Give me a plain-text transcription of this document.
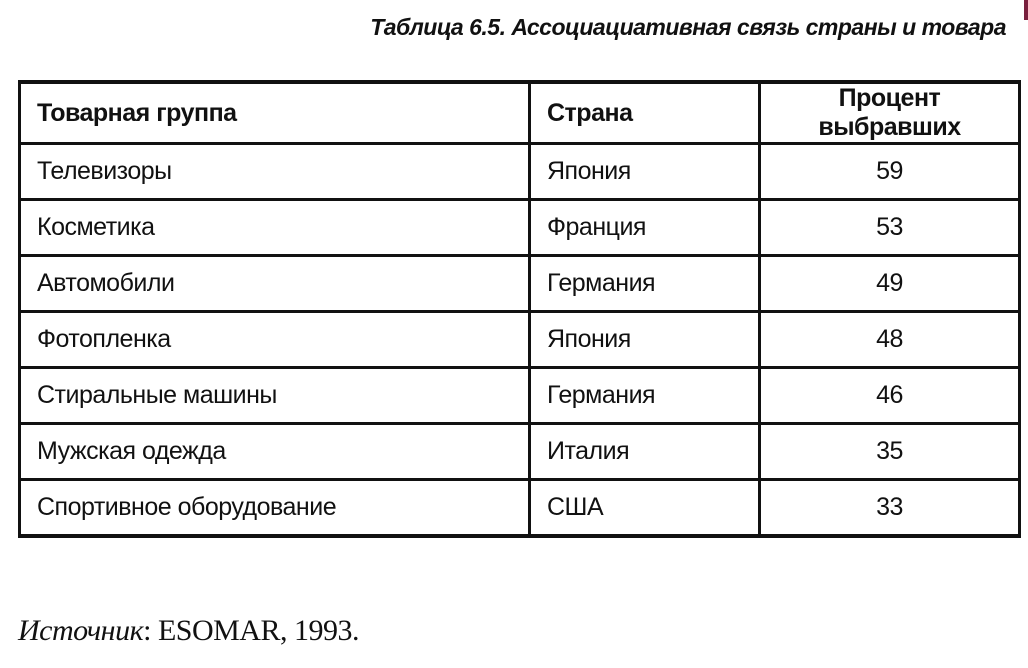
Таблица 6.5. Ассоциациативная связь страны и товара
Товарная группа	Страна	Процент выбравших
Телевизоры	Япония	59
Косметика	Франция	53
Автомобили	Германия	49
Фотопленка	Япония	48
Стиральные машины	Германия	46
Мужская одежда	Италия	35
Спортивное оборудование	США	33
Источник: ESOMAR, 1993.
